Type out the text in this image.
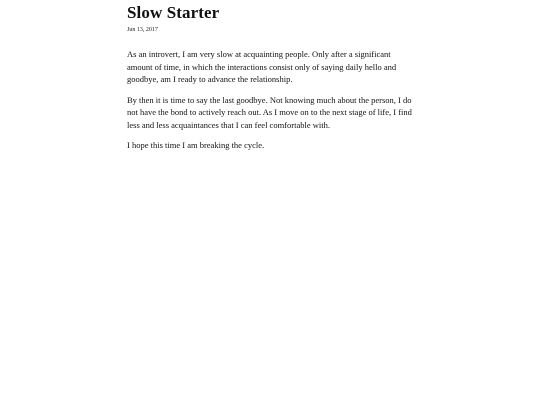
Slow Starter
Jun 13, 2017

As an introvert, I am very slow at acquainting people. Only after a significant amount of time, in which the interactions consist only of saying daily hello and goodbye, am I ready to advance the relationship.

By then it is time to say the last goodbye. Not knowing much about the person, I do not have the bond to actively reach out. As I move on to the next stage of life, I find less and less acquaintances that I can feel comfortable with.

I hope this time I am breaking the cycle.
